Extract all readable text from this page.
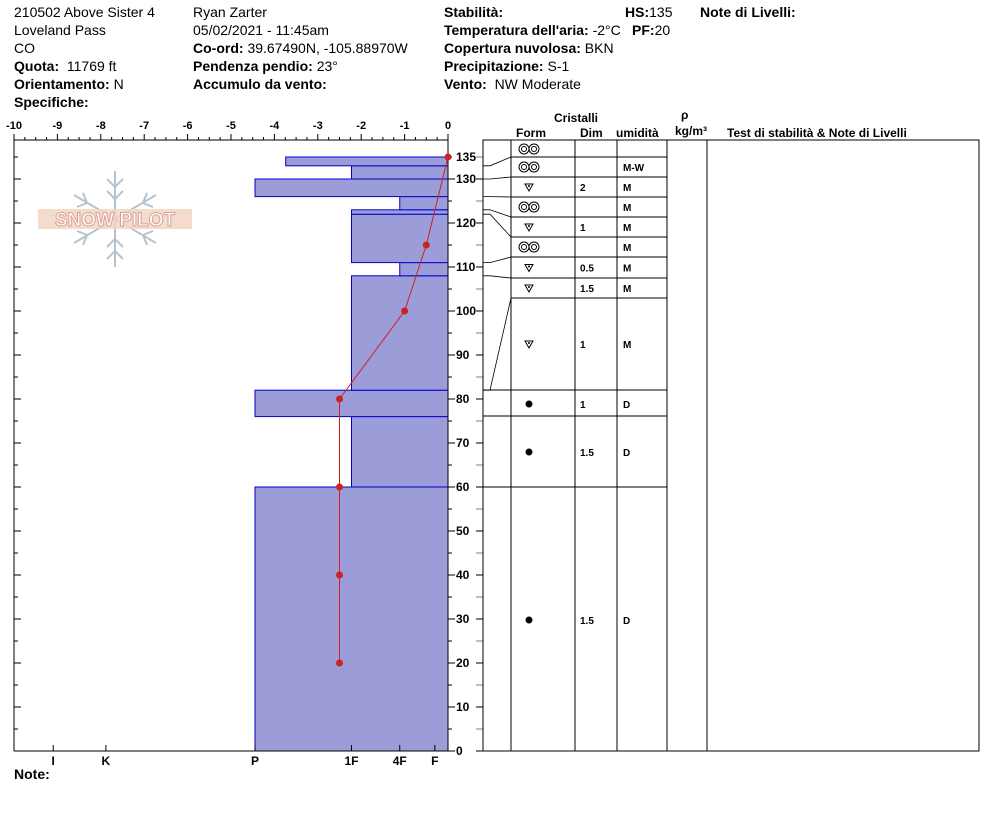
210502 Above Sister 4
Loveland Pass
CO
Quota: 11769 ft
Orientamento: N
Specifiche:
Ryan Zarter
05/02/2021 - 11:45am
Co-ord: 39.67490N, -105.88970W
Pendenza pendio: 23°
Accumulo da vento:
Stabilità:
Temperatura dell'aria: -2°C
Copertura nuvolosa: BKN
Precipitazione: S-1
Vento: NW Moderate
HS:135
PF:20
Note di Livelli:
Cristalli
Form	Dim umidità
ρ
kg/m³ Test di stabilità & Note di Livelli
Note:
SNOW PILOT
-10	-9	-8	-7	-6	-5	-4	-3	-2	-1	0
0
10
20
30
40
50
60
70
80
90
100
110
120
130
135
I	K	P	1F	4F F
M-W
2	M
M
1	M
M
0.5	M
1.5	M
1	M
1	D
1.5	D
1.5	D
